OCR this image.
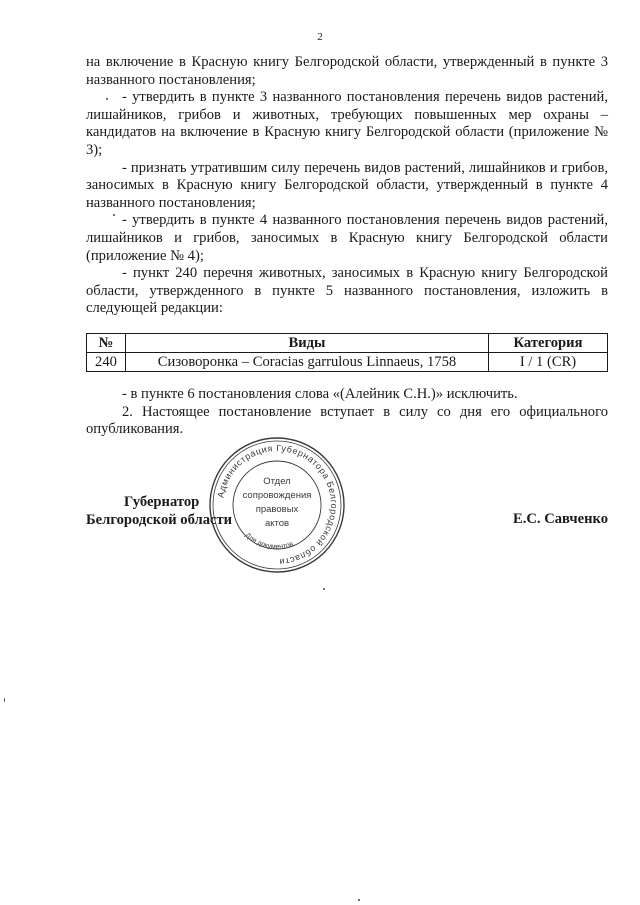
2

на включение в Красную книгу Белгородской области, утвержденный в пункте 3 названного постановления;

- утвердить в пункте 3 названного постановления перечень видов растений, лишайников, грибов и животных, требующих повышенных мер охраны – кандидатов на включение в Красную книгу Белгородской области (приложение № 3);

- признать утратившим силу перечень видов растений, лишайников и грибов, заносимых в Красную книгу Белгородской области, утвержденный в пункте 4 названного постановления;

- утвердить в пункте 4 названного постановления перечень видов растений, лишайников и грибов, заносимых в Красную книгу Белгородской области (приложение № 4);

- пункт 240 перечня животных, заносимых в Красную книгу Белгородской области, утвержденного в пункте 5 названного постановления, изложить в следующей редакции:

№	Виды	Категория
240	Сизоворонка – Coracias garrulous Linnaeus, 1758	I / 1 (CR)

- в пункте 6 постановления слова «(Алейник С.Н.)» исключить.

2. Настоящее постановление вступает в силу со дня его официального опубликования.

Губернатор
Белгородской области	Е.С. Савченко
Администрация Губернатора Белгородской области
Для документов
Отдел
сопровождения
правовых
актов
